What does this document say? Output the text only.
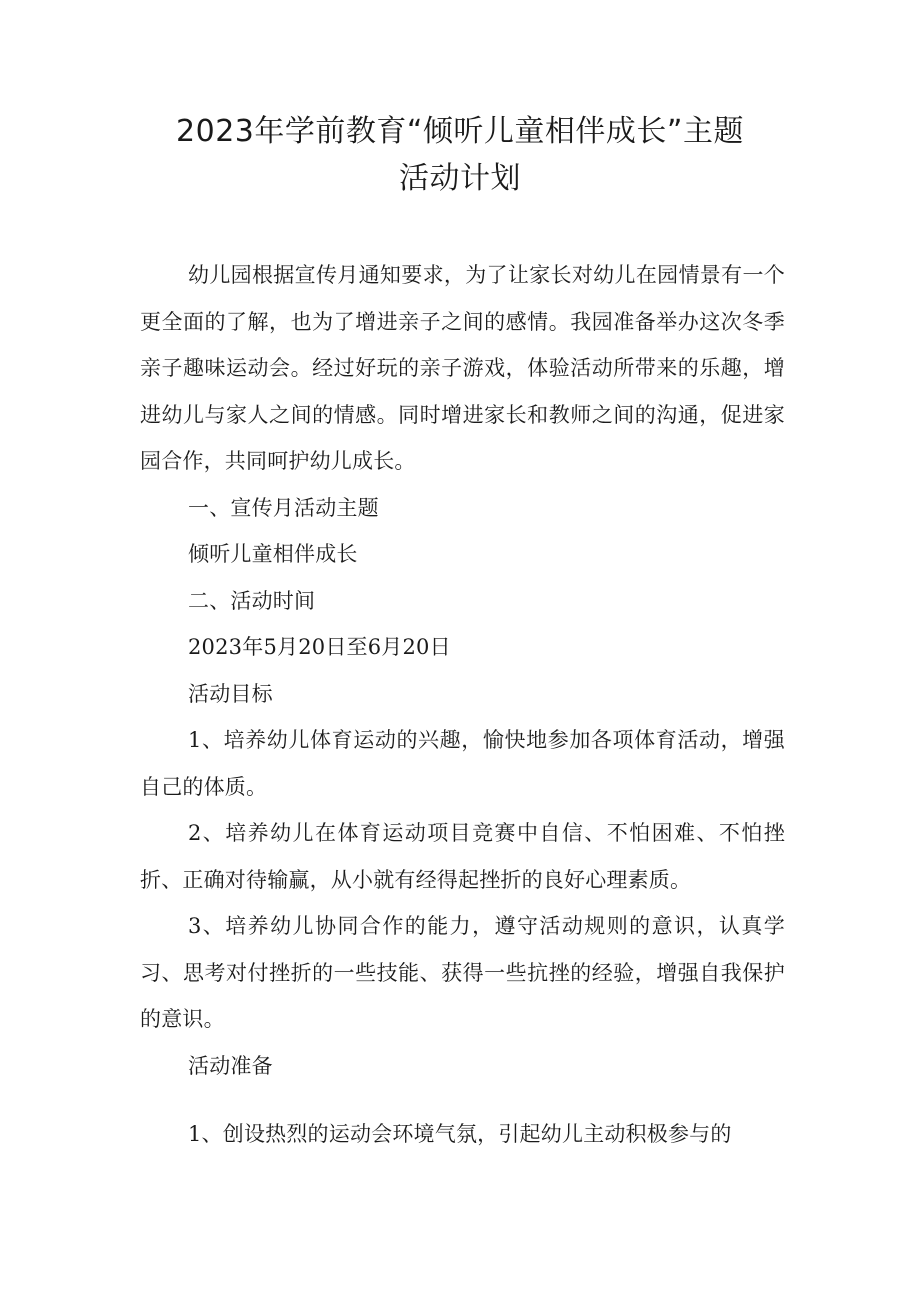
2023年学前教育“倾听儿童相伴成长”主题
活动计划

幼儿园根据宣传月通知要求，为了让家长对幼儿在园情景有一个更全面的了解，也为了增进亲子之间的感情。我园准备举办这次冬季亲子趣味运动会。经过好玩的亲子游戏，体验活动所带来的乐趣，增进幼儿与家人之间的情感。同时增进家长和教师之间的沟通，促进家园合作，共同呵护幼儿成长。

一、宣传月活动主题

倾听儿童相伴成长

二、活动时间

2023年5月20日至6月20日

活动目标

1、培养幼儿体育运动的兴趣，愉快地参加各项体育活动，增强自己的体质。

2、培养幼儿在体育运动项目竞赛中自信、不怕困难、不怕挫折、正确对待输赢，从小就有经得起挫折的良好心理素质。

3、培养幼儿协同合作的能力，遵守活动规则的意识，认真学习、思考对付挫折的一些技能、获得一些抗挫的经验，增强自我保护的意识。

活动准备

1、创设热烈的运动会环境气氛，引起幼儿主动积极参与的
